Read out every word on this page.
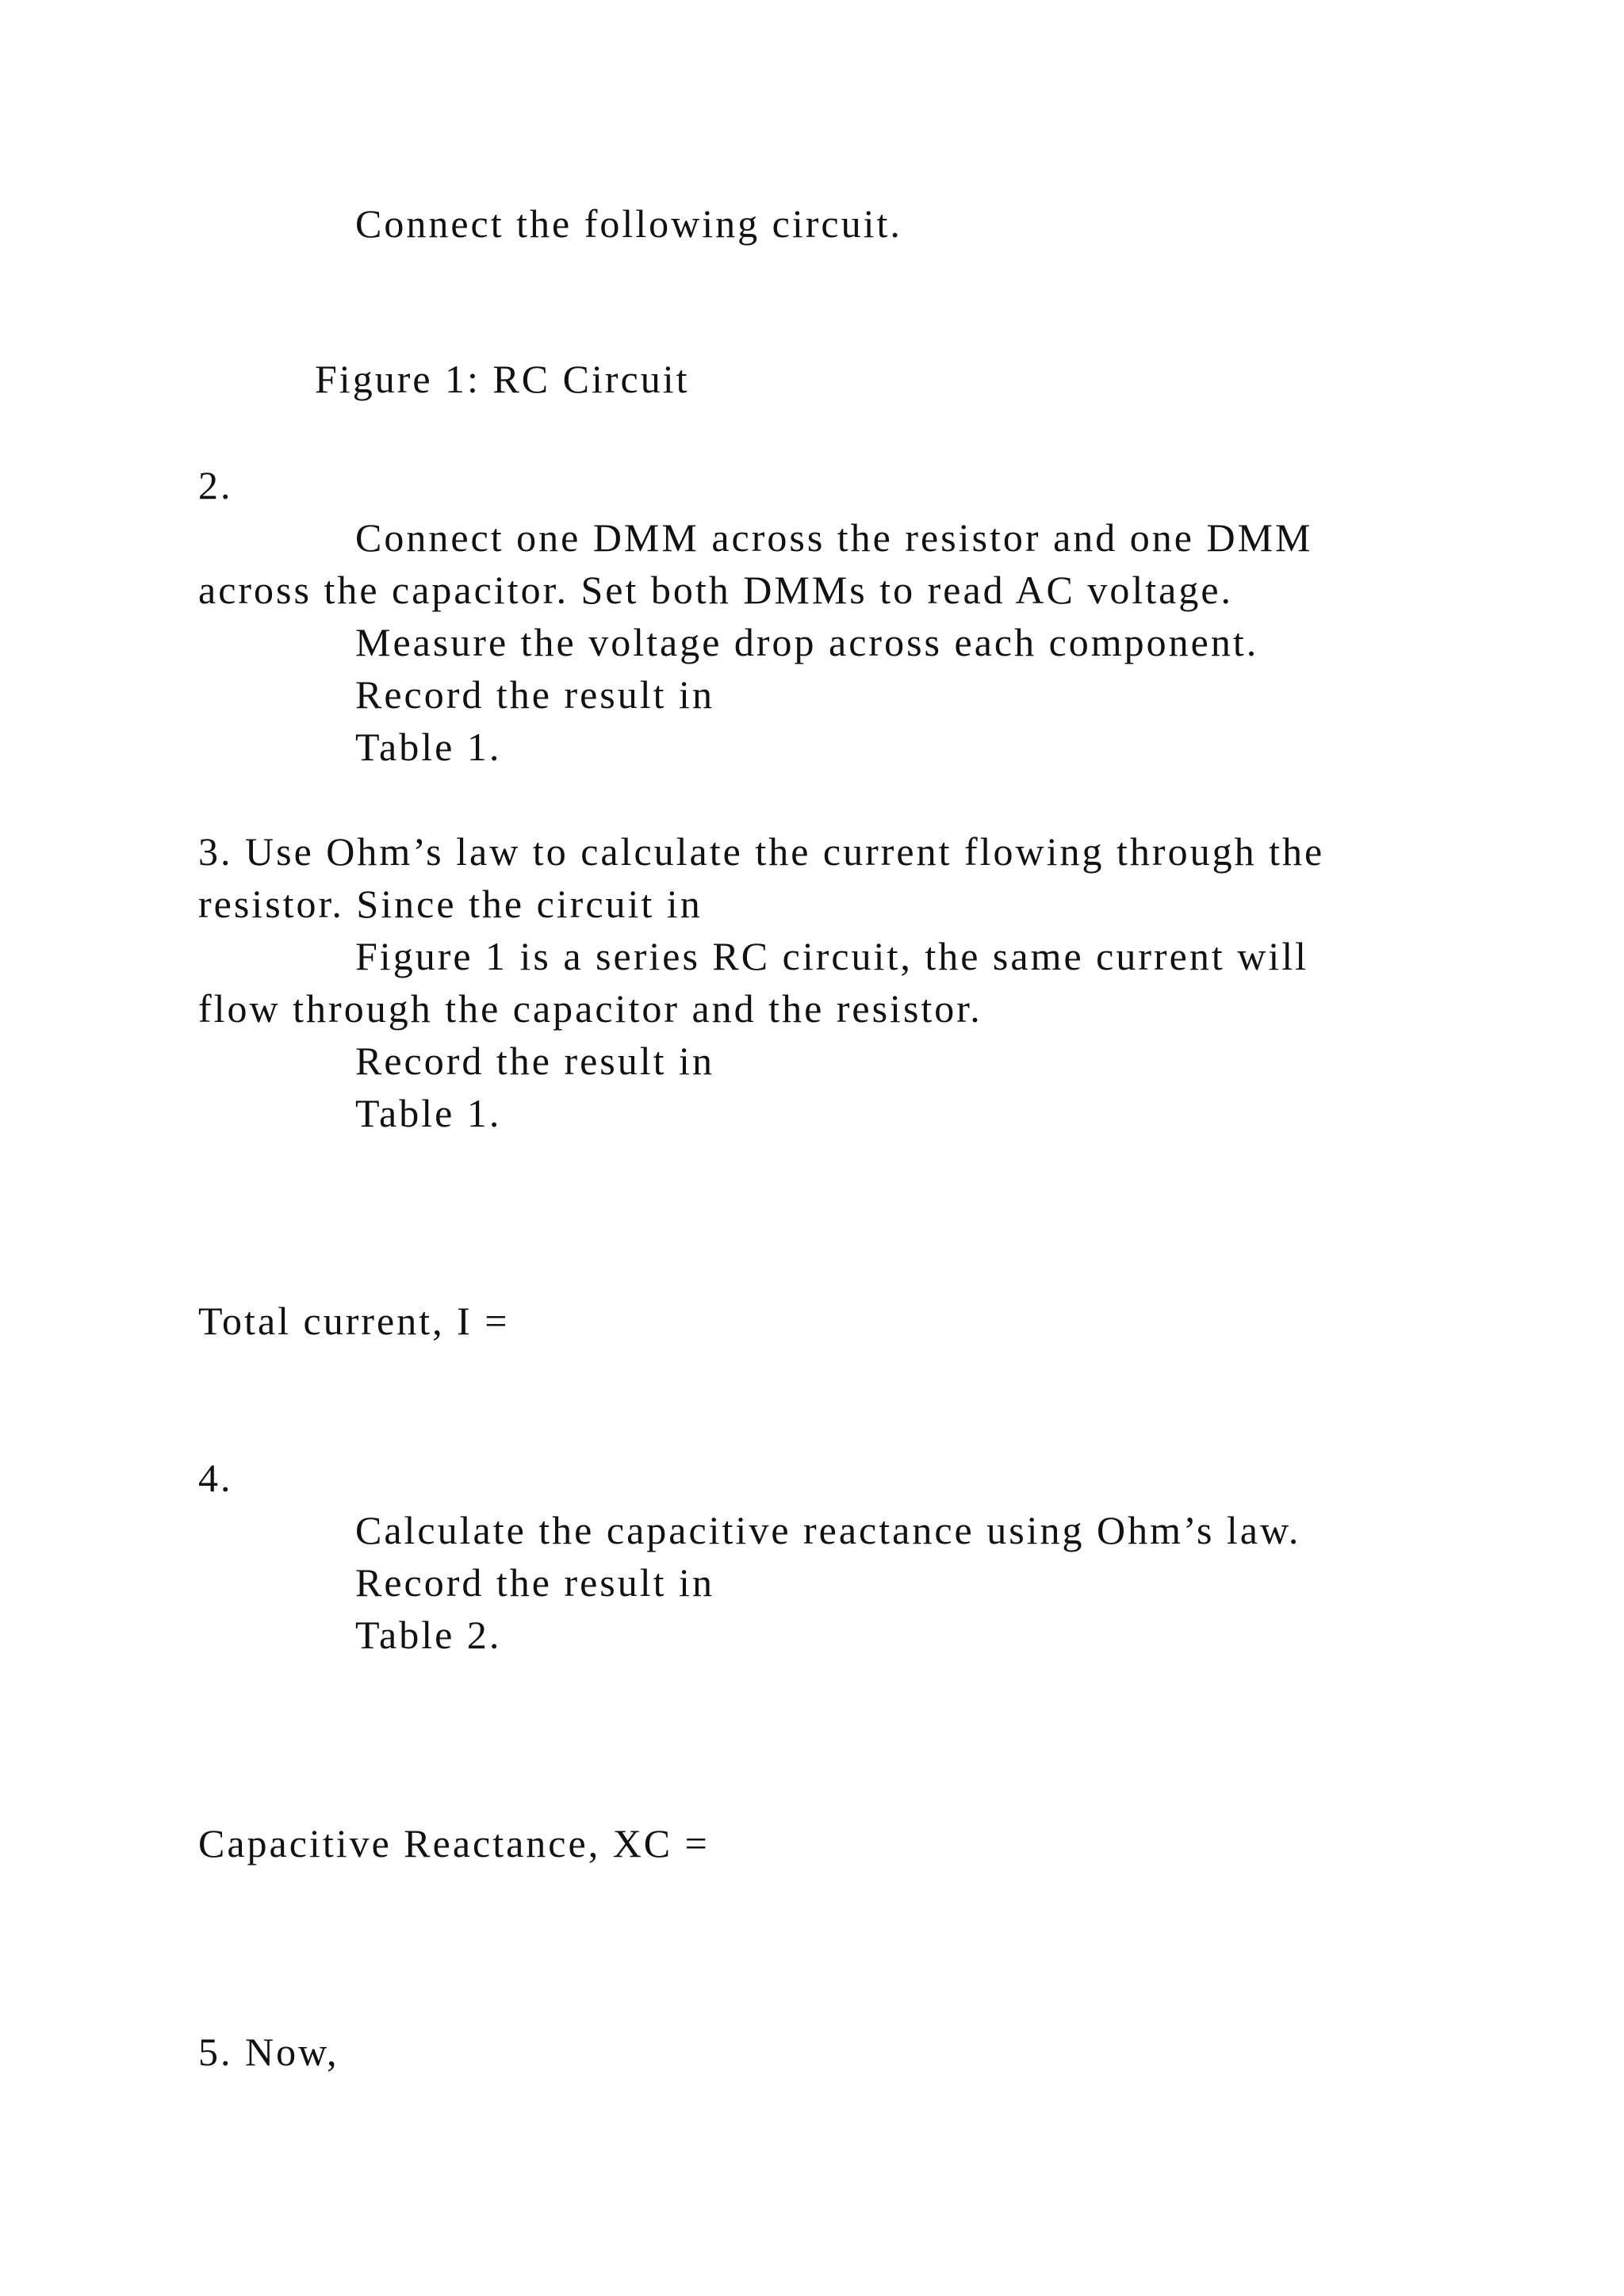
Connect the following circuit.
Figure 1: RC Circuit
2.
Connect one DMM across the resistor and one DMM
across the capacitor. Set both DMMs to read AC voltage.
Measure the voltage drop across each component.
Record the result in
Table 1.
3. Use Ohm’s law to calculate the current flowing through the
resistor. Since the circuit in
Figure 1 is a series RC circuit, the same current will
flow through the capacitor and the resistor.
Record the result in
Table 1.
Total current, I =
4.
Calculate the capacitive reactance using Ohm’s law.
Record the result in
Table 2.
Capacitive Reactance, XC =
5. Now,
